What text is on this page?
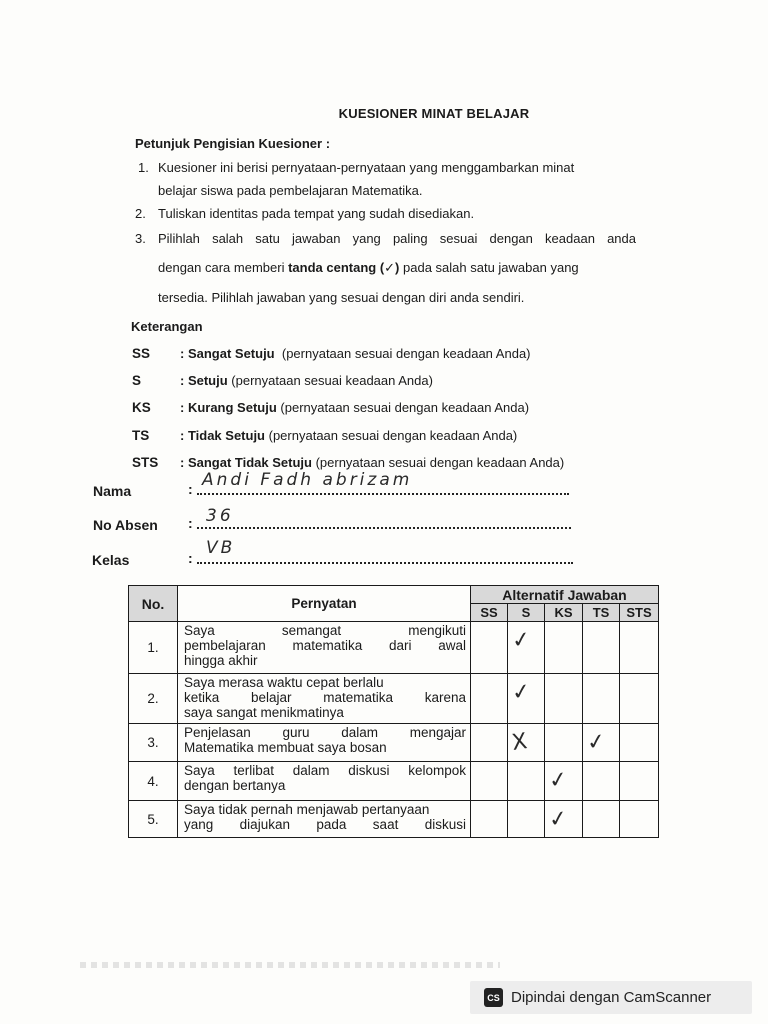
KUESIONER MINAT BELAJAR
Petunjuk Pengisian Kuesioner :
1. Kuesioner ini berisi pernyataan-pernyataan yang menggambarkan minat
belajar siswa pada pembelajaran Matematika.
2. Tuliskan identitas pada tempat yang sudah disediakan.
3. Pilihlah salah satu jawaban yang paling sesuai dengan keadaan anda
dengan cara memberi tanda centang (✓) pada salah satu jawaban yang
tersedia. Pilihlah jawaban yang sesuai dengan diri anda sendiri.
Keterangan
SS : Sangat Setuju (pernyataan sesuai dengan keadaan Anda)
S	: Setuju (pernyataan sesuai keadaan Anda)
KS : Kurang Setuju (pernyataan sesuai dengan keadaan Anda)
TS : Tidak Setuju (pernyataan sesuai dengan keadaan Anda)
STS : Sangat Tidak Setuju (pernyataan sesuai dengan keadaan Anda)
Nama	: Andi Fadh abrizam
No Absen : 36
Kelas	: VB
No.	Pernyatan	Alternatif Jawaban				
		SS	S	KS	TS	STS
1.	Saya semangat mengikuti
pembelajaran matematika dari awal
hingga akhir		✓			

2.	Saya merasa waktu cepat berlalu
ketika belajar matematika karena
saya sangat menikmatinya		✓			

3.	Penjelasan guru dalam mengajar
Matematika membuat saya bosan		X		✓	

4.	Saya terlibat dalam diskusi kelompok
dengan bertanya			✓		

5.	Saya tidak pernah menjawab pertanyaan
yang diajukan pada saat diskusi			✓		

CS Dipindai dengan CamScanner
